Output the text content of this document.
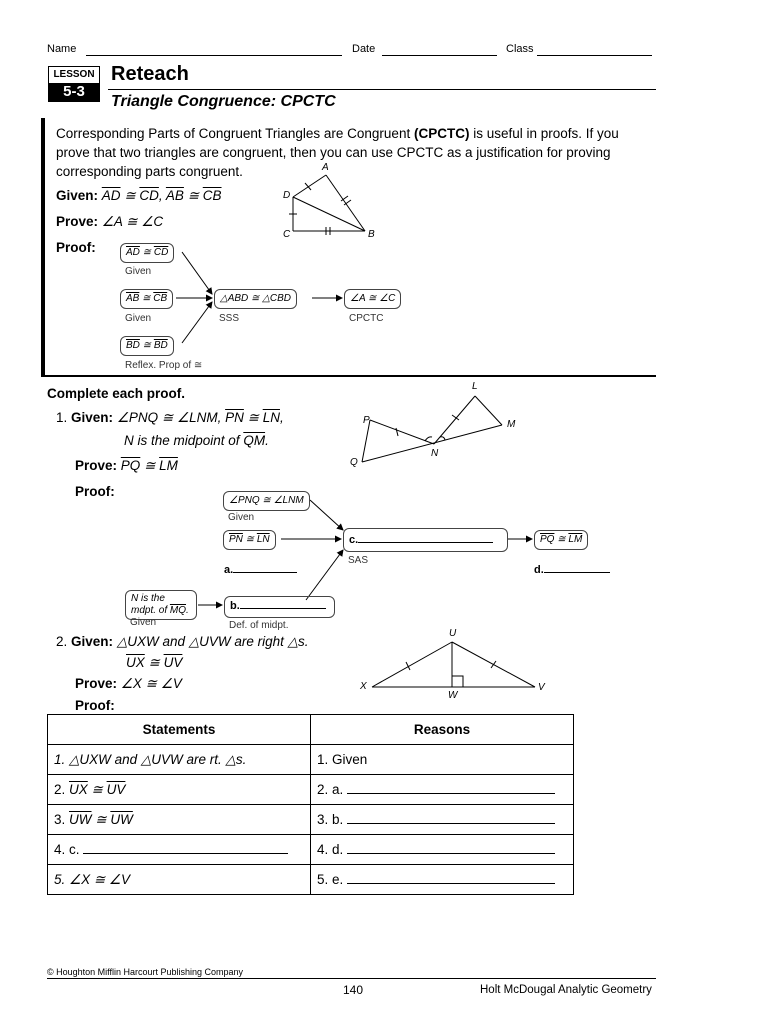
Name	Date	Class
LESSON
5-3
Reteach
Triangle Congruence: CPCTC
Corresponding Parts of Congruent Triangles are Congruent (CPCTC) is useful in proofs. If you
prove that two triangles are congruent, then you can use CPCTC as a justification for proving
corresponding parts congruent.
Given: $\overline{AD}$ ≅ $\overline{CD}$, $\overline{AB}$ ≅ $\overline{CB}$
Prove: ∠A ≅ ∠C
Proof:	$\overline{AD}$ ≅ $\overline{CD}$
Given
$\overline{AB}$ ≅ $\overline{CB}$
Given
$\overline{BD}$ ≅ $\overline{BD}$
Reflex. Prop of ≅
△ABD ≅ △CBD
SSS
∠A ≅ ∠C
CPCTC
A
D
C	B
Complete each proof.
1. Given: ∠PNQ ≅ ∠LNM, $\overline{PN}$ ≅ $\overline{LN}$,
N is the midpoint of $\overline{QM}$.
Prove: $\overline{PQ}$ ≅ $\overline{LM}$
Proof:
P
Q
L
M
N
∠PNQ ≅ ∠LNM
Given
$\overline{PN}$ ≅ $\overline{LN}$
a.
N is the
mdpt. of $\overline{MQ}$.
Given
b.
Def. of midpt.
c.
SAS
$\overline{PQ}$ ≅ $\overline{LM}$
d.
2. Given: △UXW and △UVW are right △s.
$\overline{UX}$ ≅ $\overline{UV}$
Prove: ∠X ≅ ∠V
Proof:
U
X	V
W
Statements	Reasons
1. △UXW and △UVW are rt. △s.	1. Given
2. $\overline{UX}$ ≅ $\overline{UV}$	2. a.
3. $\overline{UW}$ ≅ $\overline{UW}$	3. b.
4. c.	4. d.
5. ∠X ≅ ∠V	5. e.
© Houghton Mifflin Harcourt Publishing Company
140	Holt McDougal Analytic Geometry
